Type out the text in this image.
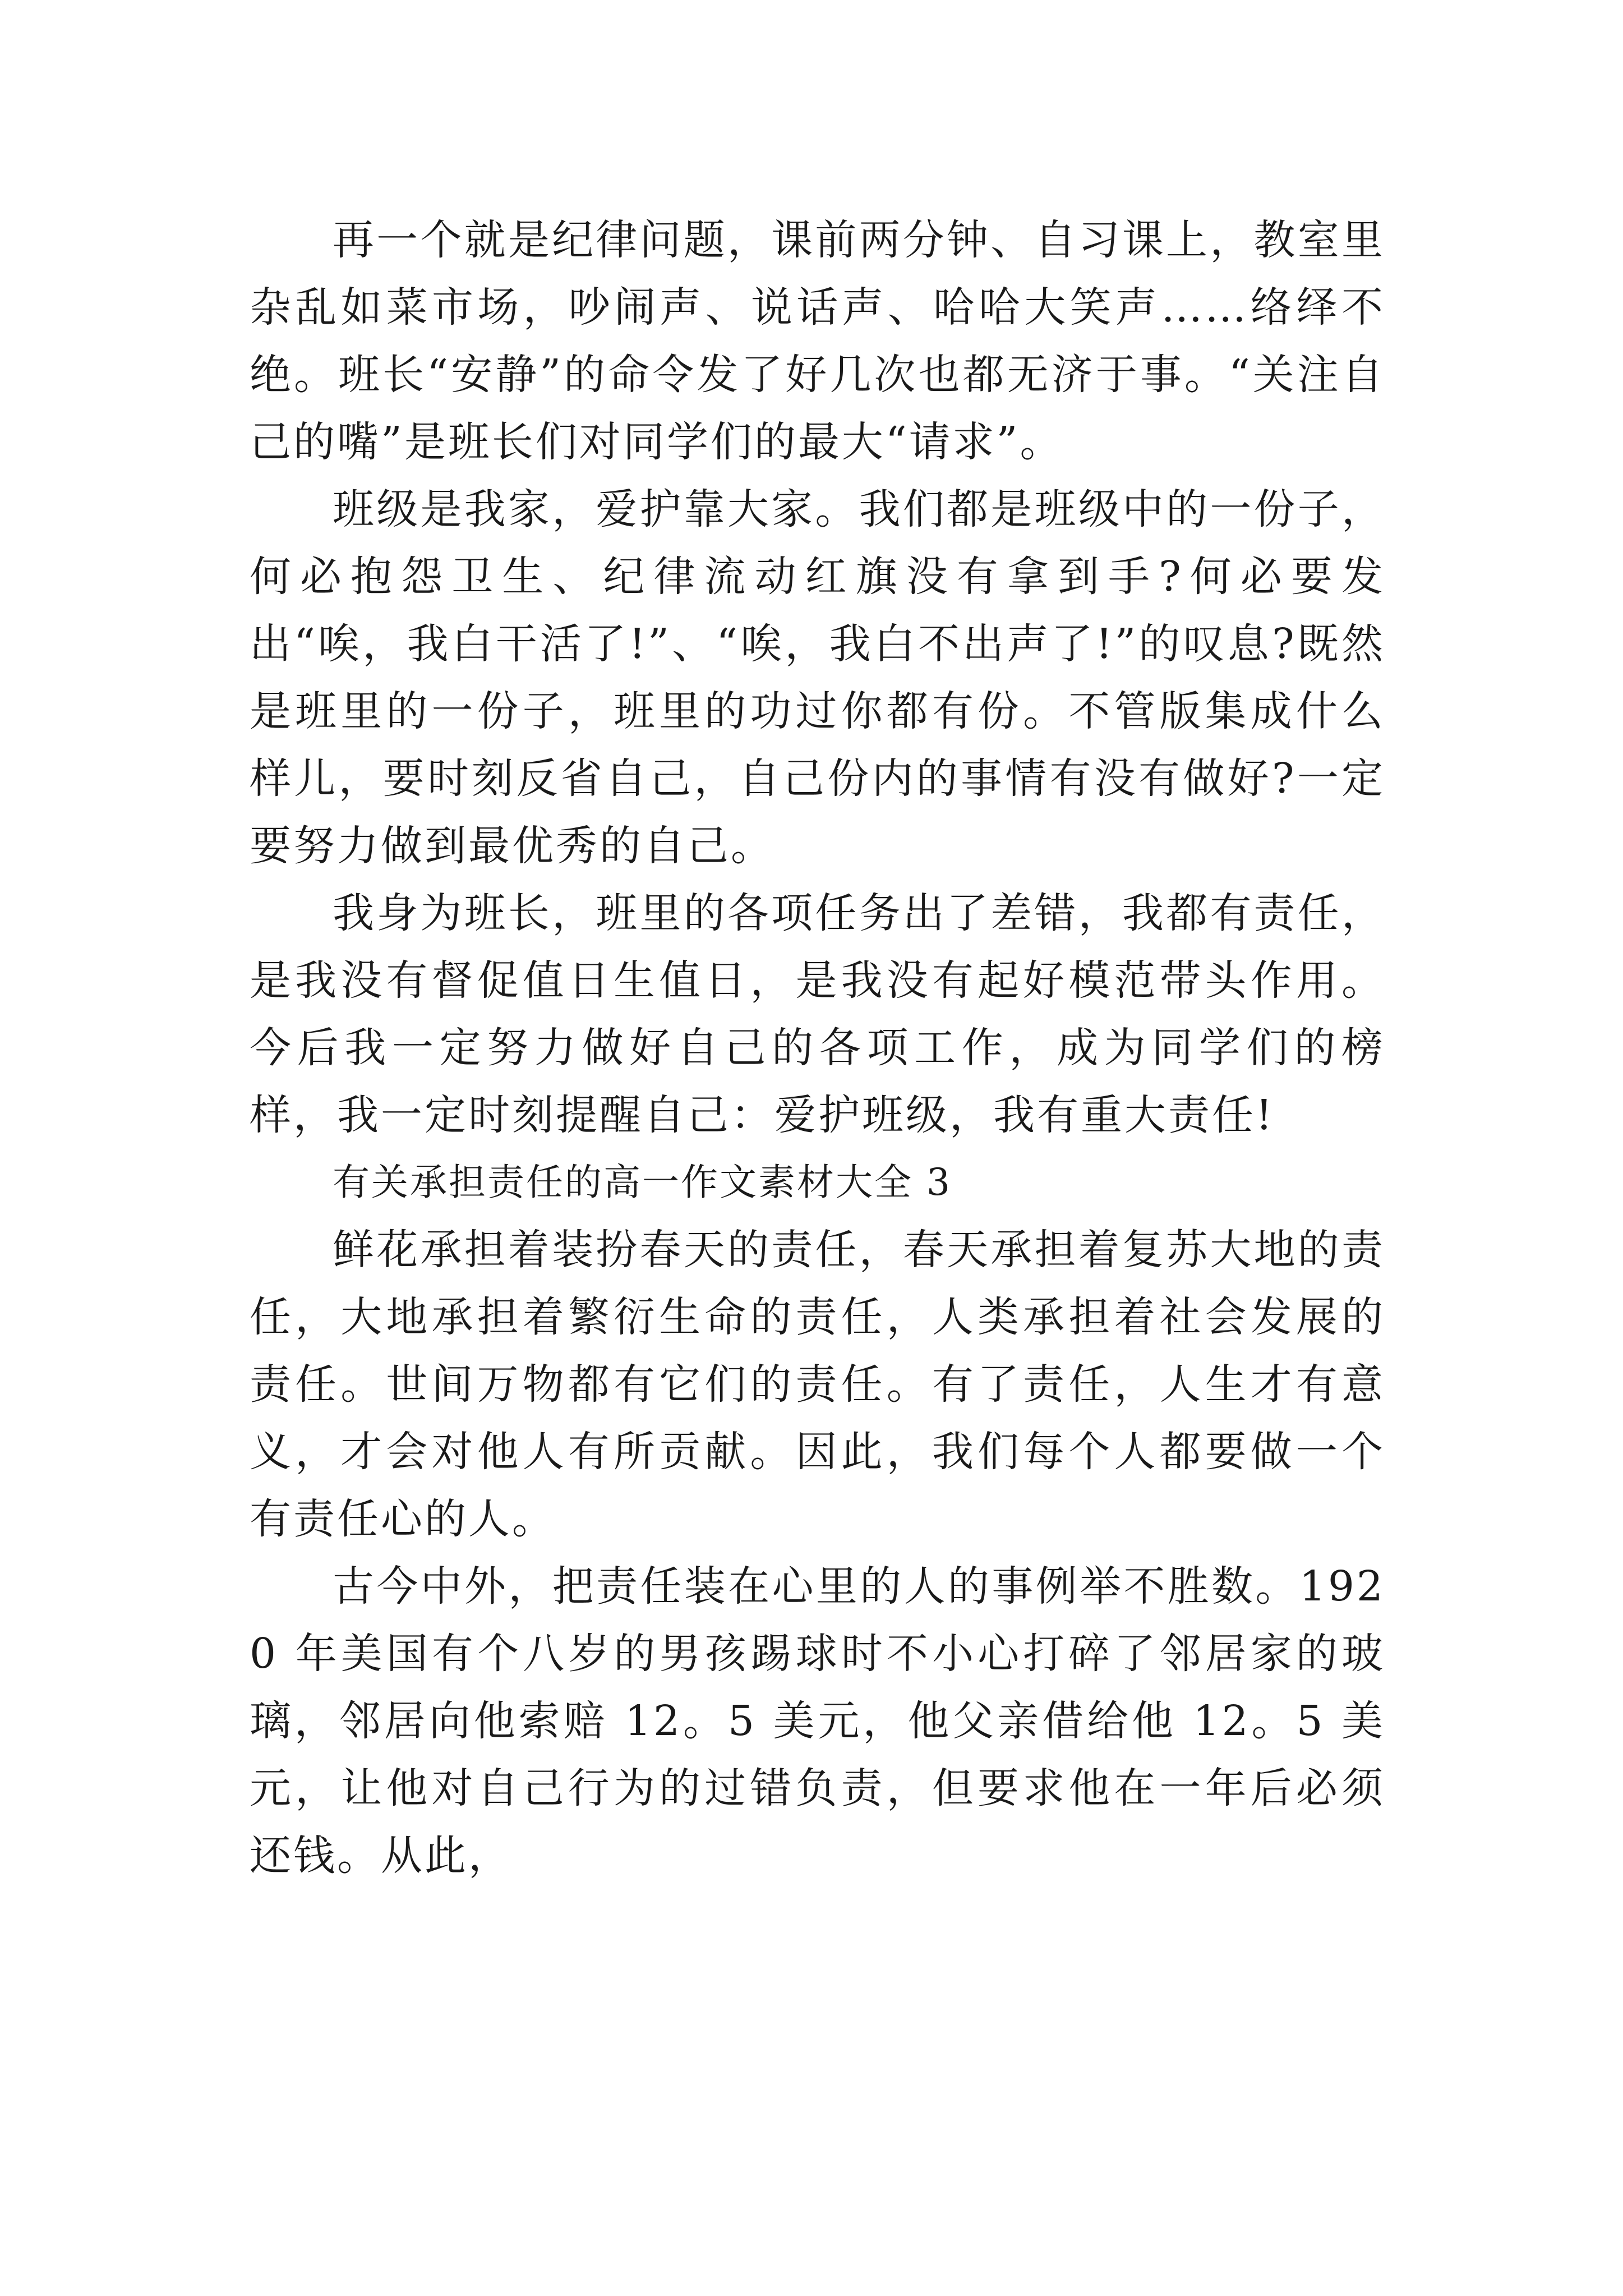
再一个就是纪律问题，课前两分钟、自习课上，教室里杂乱如菜市场，吵闹声、说话声、哈哈大笑声……络绎不绝。班长“安静”的命令发了好几次也都无济于事。“关注自己的嘴”是班长们对同学们的最大“请求”。

班级是我家，爱护靠大家。我们都是班级中的一份子，何必抱怨卫生、纪律流动红旗没有拿到手?何必要发出“唉，我白干活了!”、“唉，我白不出声了!”的叹息?既然是班里的一份子，班里的功过你都有份。不管版集成什么样儿，要时刻反省自己，自己份内的事情有没有做好?一定要努力做到最优秀的自己。

我身为班长，班里的各项任务出了差错，我都有责任，是我没有督促值日生值日，是我没有起好模范带头作用。今后我一定努力做好自己的各项工作，成为同学们的榜样，我一定时刻提醒自己：爱护班级，我有重大责任!

有关承担责任的高一作文素材大全 3

鲜花承担着装扮春天的责任，春天承担着复苏大地的责任，大地承担着繁衍生命的责任，人类承担着社会发展的责任。世间万物都有它们的责任。有了责任，人生才有意义，才会对他人有所贡献。因此，我们每个人都要做一个有责任心的人。

古今中外，把责任装在心里的人的事例举不胜数。1920 年美国有个八岁的男孩踢球时不小心打碎了邻居家的玻璃，邻居向他索赔 12。5 美元，他父亲借给他 12。5 美元，让他对自己行为的过错负责，但要求他在一年后必须还钱。从此，
